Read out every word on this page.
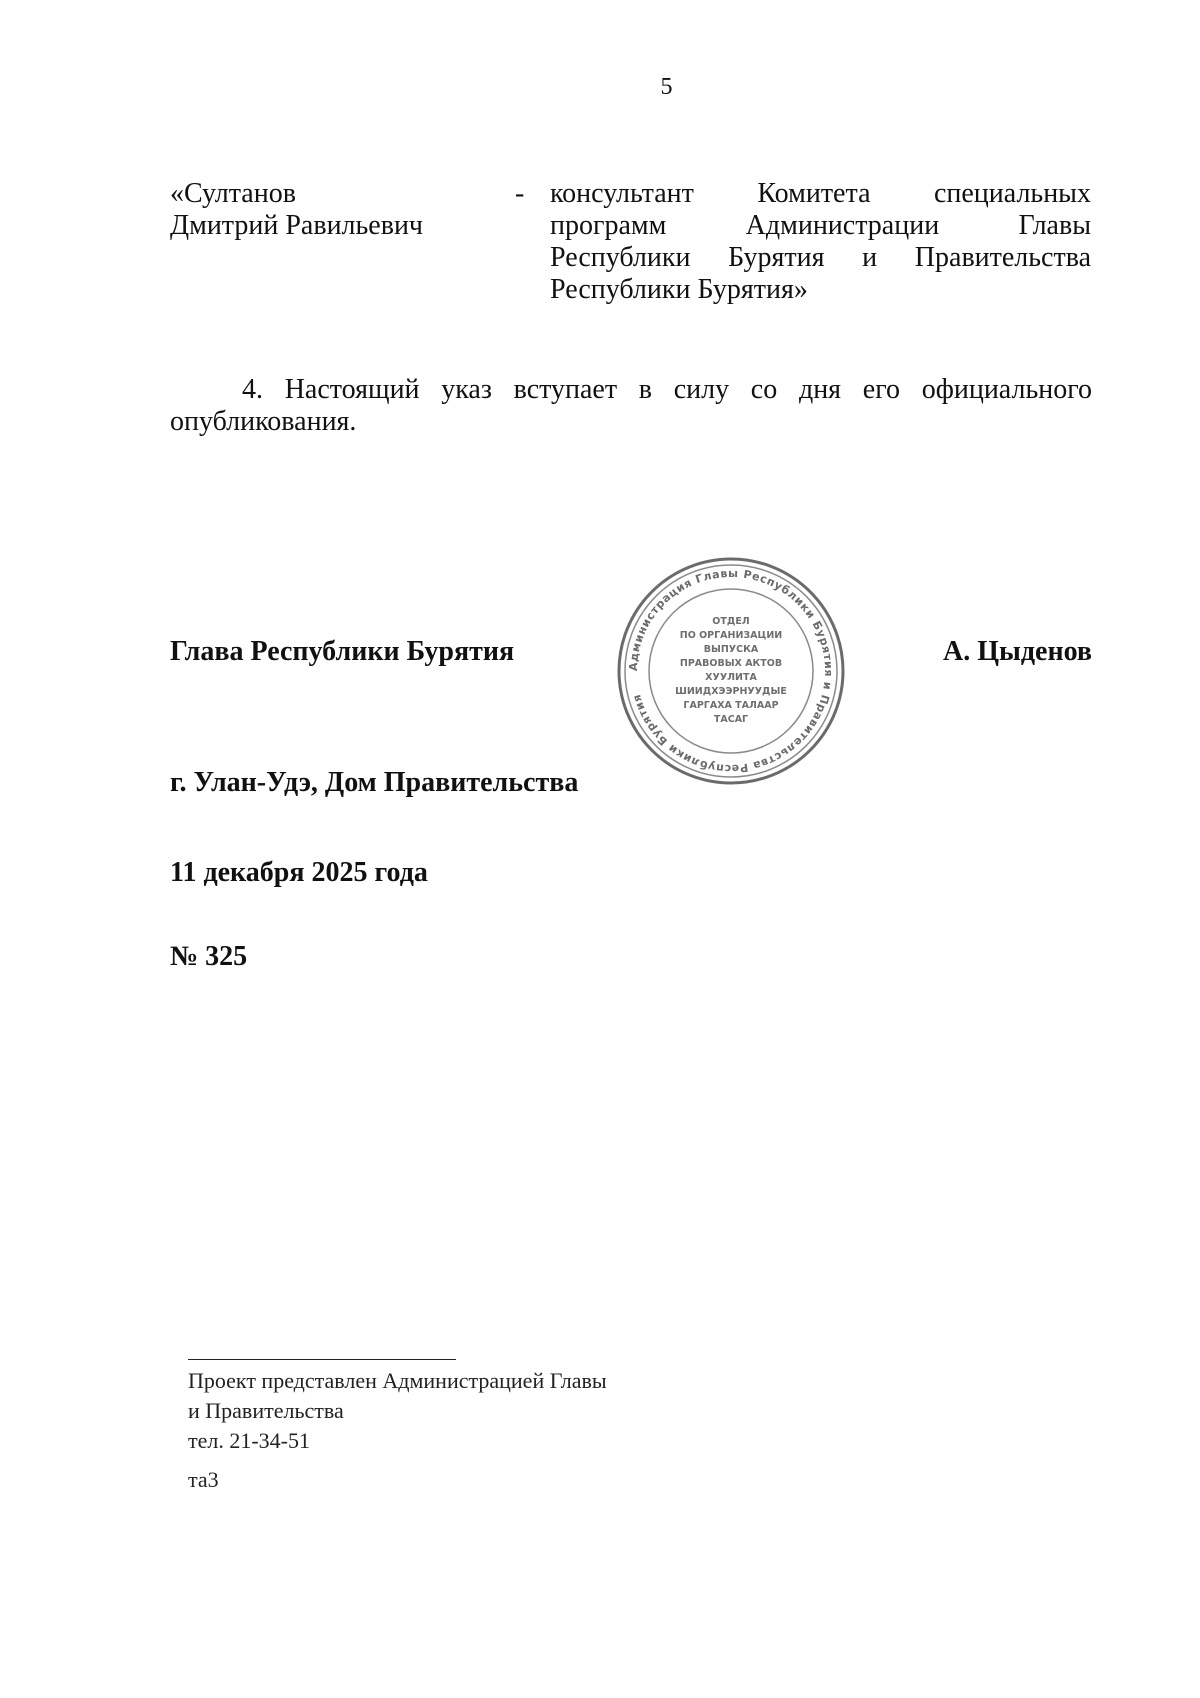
5
«Султанов
Дмитрий Равильевич
- консультант Комитета специальных программ Администрации Главы Республики Бурятия и Правительства Республики Бурятия»
4. Настоящий указ вступает в силу со дня его официального опубликования.
Глава Республики Бурятия	А. Цыденов
Администрация Главы Республики Бурятия и Правительства Республики Бурятия
ОТДЕЛ
ПО ОРГАНИЗАЦИИ
ВЫПУСКА
ПРАВОВЫХ АКТОВ
ХУУЛИТА
ШИИДХЭЭРНУУДЫЕ
ГАРГАХА ТАЛААР
ТАСАГ
г. Улан-Удэ, Дом Правительства
11 декабря 2025 года
№ 325
Проект представлен Администрацией Главы
и Правительства
тел. 21-34-51
та3
